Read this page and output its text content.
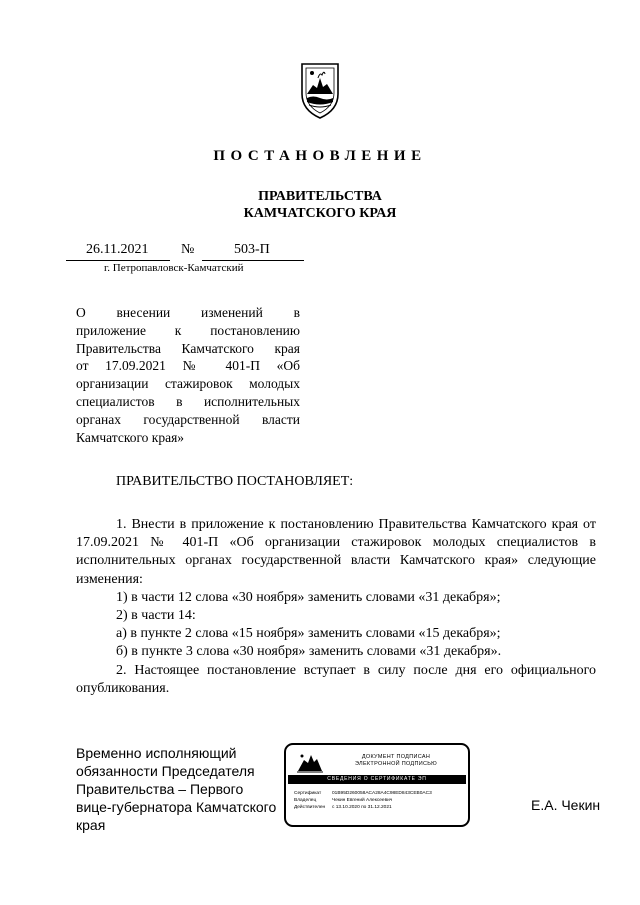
ПОСТАНОВЛЕНИЕ
ПРАВИТЕЛЬСТВА
КАМЧАТСКОГО КРАЯ
26.11.2021 №	503-П
г. Петропавловск-Камчатский
О внесении изменений в
приложение к постановлению
Правительства Камчатского края
от 17.09.2021 № 401-П «Об
организации стажировок молодых
специалистов в исполнительных
органах государственной власти
Камчатского края»
ПРАВИТЕЛЬСТВО ПОСТАНОВЛЯЕТ:

1. Внести в приложение к постановлению Правительства Камчатского края от 17.09.2021 № 401-П «Об организации стажировок молодых специалистов в исполнительных органах государственной власти Камчатского края» следующие изменения:

1) в части 12 слова «30 ноября» заменить словами «31 декабря»;

2) в части 14:

а) в пункте 2 слова «15 ноября» заменить словами «15 декабря»;

б) в пункте 3 слова «30 ноября» заменить словами «31 декабря».

2. Настоящее постановление вступает в силу после дня его официального опубликования.

Временно исполняющий
обязанности Председателя
Правительства – Первого
вице-губернатора Камчатского
края
ДОКУМЕНТ ПОДПИСАН
ЭЛЕКТРОННОЙ ПОДПИСЬЮ
СВЕДЕНИЯ О СЕРТИФИКАТЕ ЭП
Сертификат 01B95D260058ACA28A4C98ED843CEB0AC3
Владелец	Чекин Евгений Алексеевич
Действителен с 13.10.2020 по 31.12.2021	Е.А. Чекин
